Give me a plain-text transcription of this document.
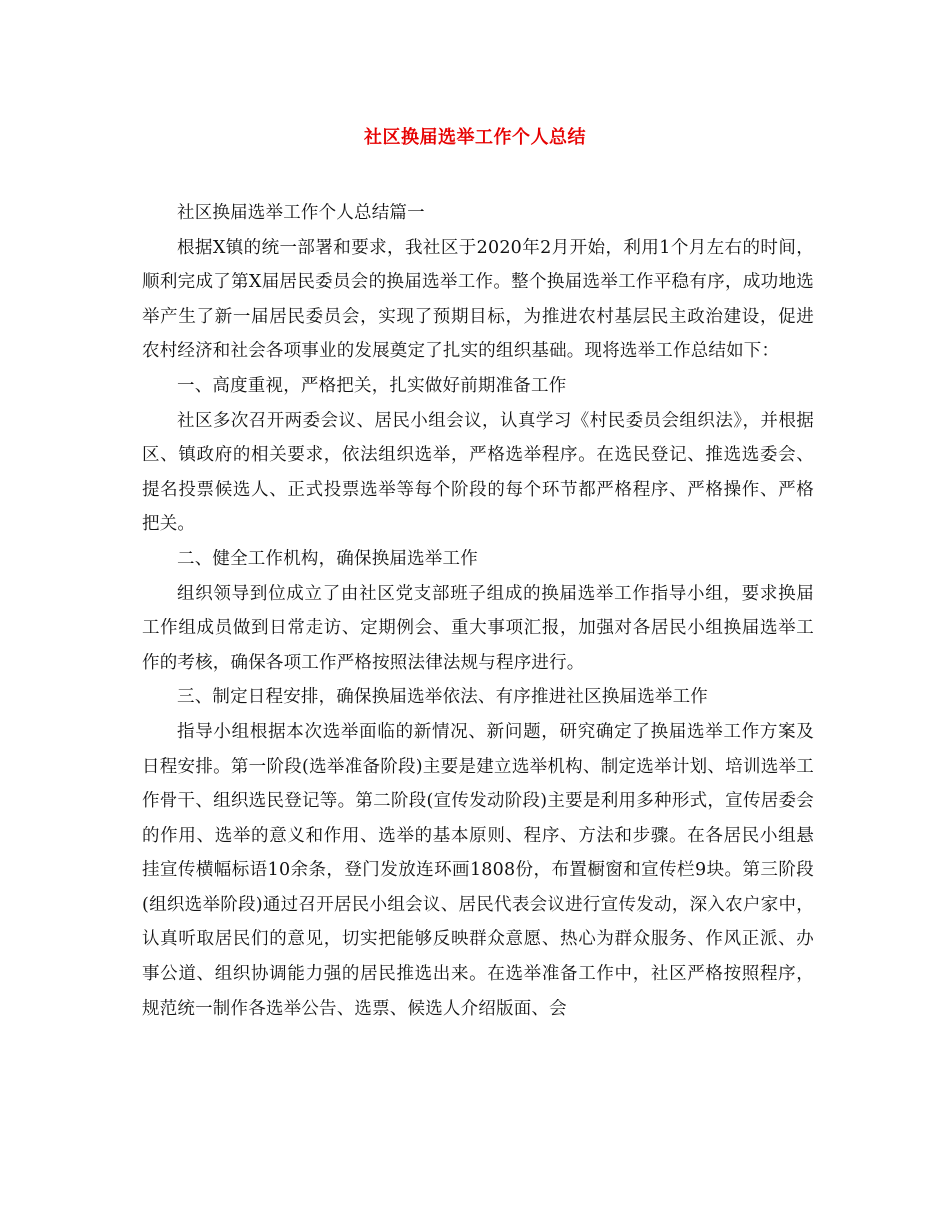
社区换届选举工作个人总结

社区换届选举工作个人总结篇一

根据X镇的统一部署和要求，我社区于2020年2月开始，利用1个月左右的时间，顺利完成了第X届居民委员会的换届选举工作。整个换届选举工作平稳有序，成功地选举产生了新一届居民委员会，实现了预期目标，为推进农村基层民主政治建设，促进农村经济和社会各项事业的发展奠定了扎实的组织基础。现将选举工作总结如下：

一、高度重视，严格把关，扎实做好前期准备工作

社区多次召开两委会议、居民小组会议，认真学习《村民委员会组织法》，并根据区、镇政府的相关要求，依法组织选举，严格选举程序。在选民登记、推选选委会、提名投票候选人、正式投票选举等每个阶段的每个环节都严格程序、严格操作、严格把关。

二、健全工作机构，确保换届选举工作

组织领导到位成立了由社区党支部班子组成的换届选举工作指导小组，要求换届工作组成员做到日常走访、定期例会、重大事项汇报，加强对各居民小组换届选举工作的考核，确保各项工作严格按照法律法规与程序进行。

三、制定日程安排，确保换届选举依法、有序推进社区换届选举工作

指导小组根据本次选举面临的新情况、新问题，研究确定了换届选举工作方案及日程安排。第一阶段(选举准备阶段)主要是建立选举机构、制定选举计划、培训选举工作骨干、组织选民登记等。第二阶段(宣传发动阶段)主要是利用多种形式，宣传居委会的作用、选举的意义和作用、选举的基本原则、程序、方法和步骤。在各居民小组悬挂宣传横幅标语10余条，登门发放连环画1808份，布置橱窗和宣传栏9块。第三阶段(组织选举阶段)通过召开居民小组会议、居民代表会议进行宣传发动，深入农户家中，认真听取居民们的意见，切实把能够反映群众意愿、热心为群众服务、作风正派、办事公道、组织协调能力强的居民推选出来。在选举准备工作中，社区严格按照程序，规范统一制作各选举公告、选票、候选人介绍版面、会
